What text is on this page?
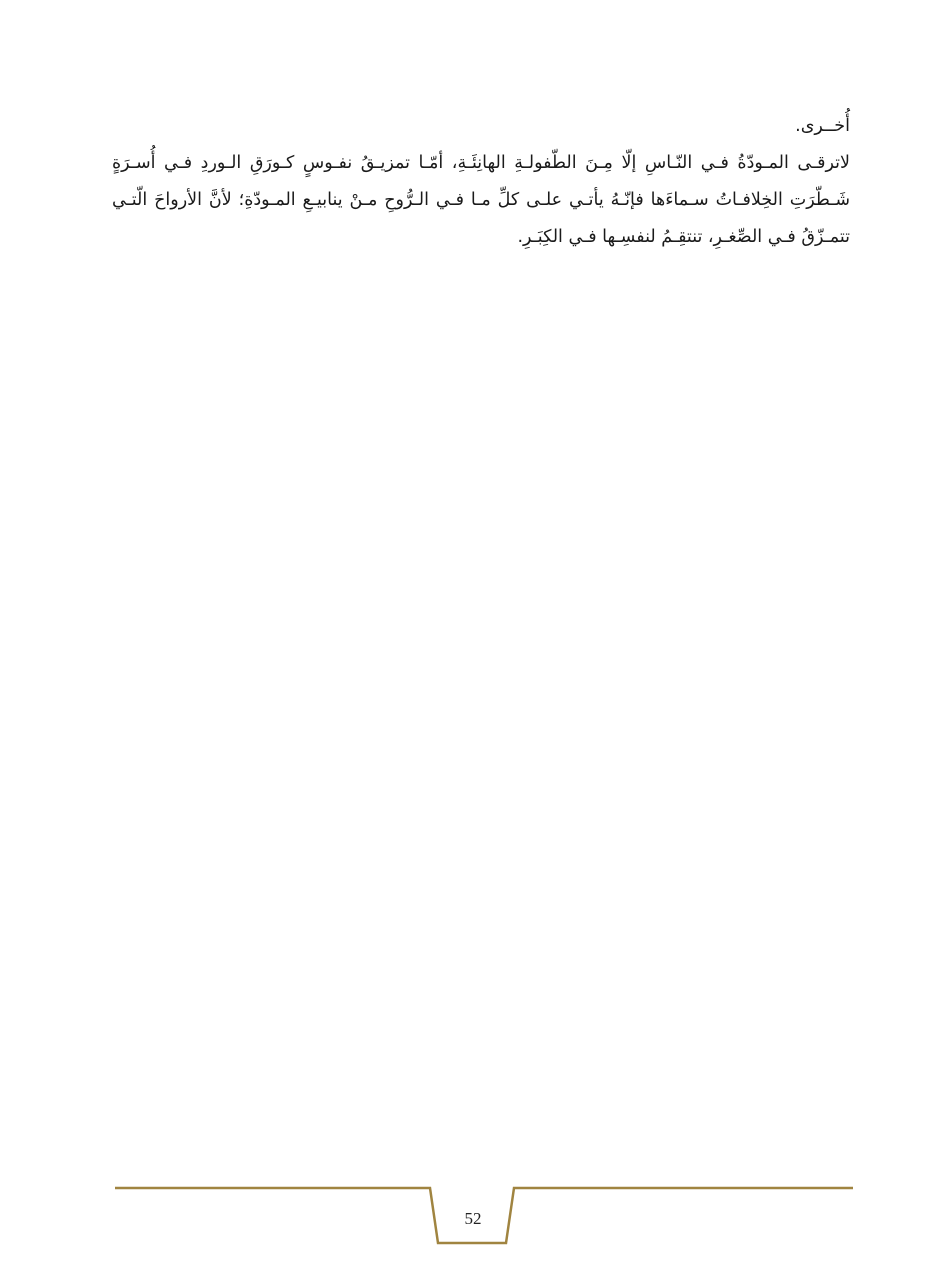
أُخــرى.

لاترقـى المـودّةُ فـي النّـاسِ إلّا مِـنَ الطّفولـةِ الهانِئَـةِ، أمّـا تمزيـقُ نفـوسٍ كـورَقِ الـوردِ فـي أُسـرَةٍ شَـطّرَتِ الخِلافـاتُ سـماءَها فإنّـهُ يأتـي علـى كلِّ مـا فـي الـرُّوحِ مـنْ ينابيـعِ المـودّةِ؛ لأنَّ الأرواحَ الّتـي تتمـزّقُ فـي الصِّغـرِ، تنتقِـمُ لنفسِـها فـي الكِبَـرِ.

52
